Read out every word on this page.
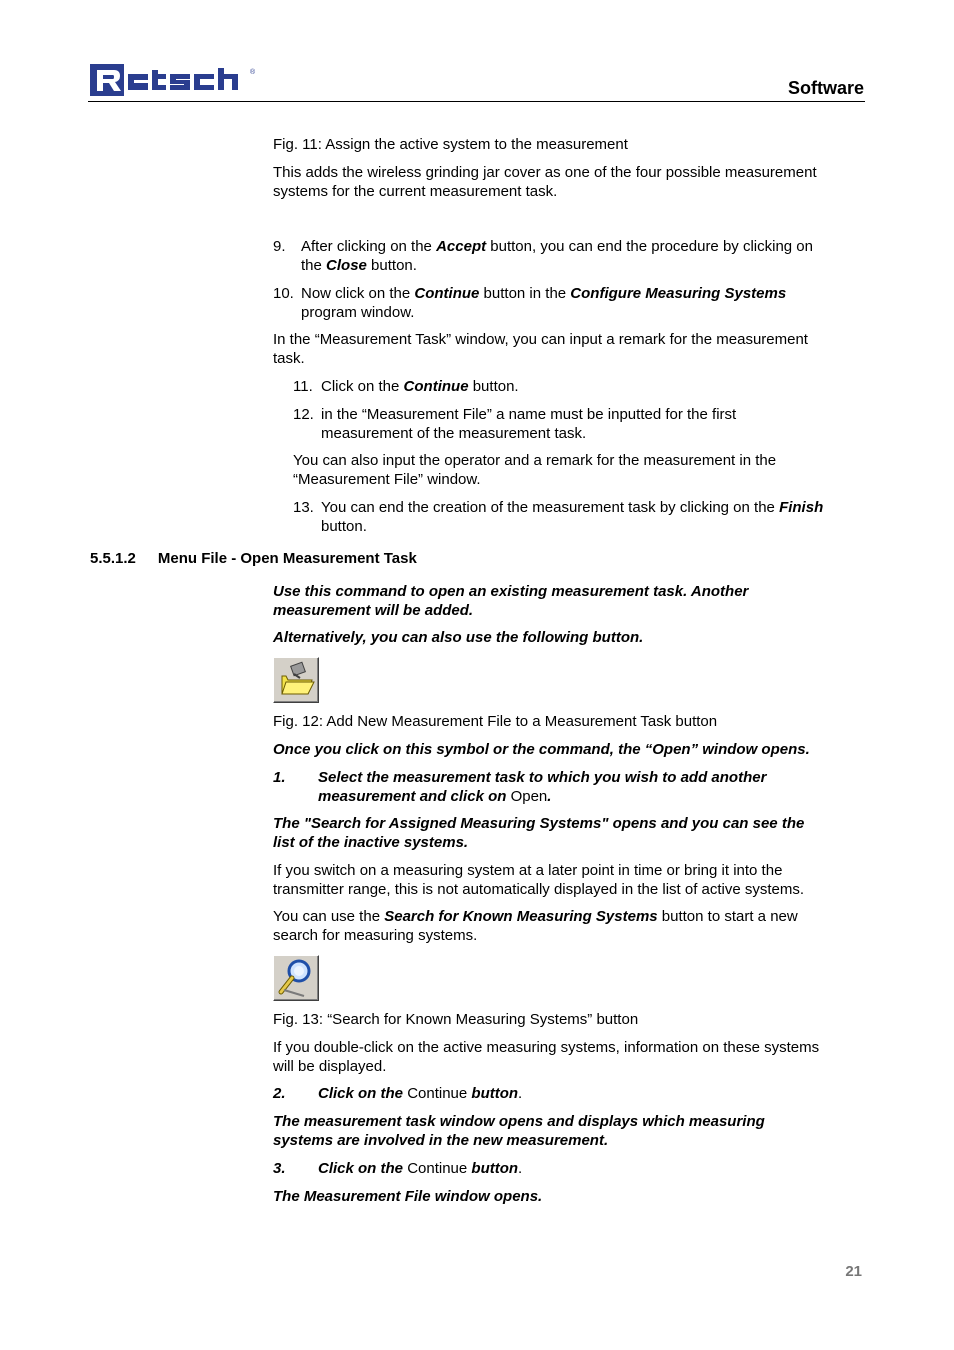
®
Software
Fig. 11: Assign the active system to the measurement
This adds the wireless grinding jar cover as one of the four possible measurement
systems for the current measurement task.
9. After clicking on the Accept button, you can end the procedure by clicking on
the Close button.
10. Now click on the Continue button in the Configure Measuring Systems
program window.
In the “Measurement Task” window, you can input a remark for the measurement
task.
11. Click on the Continue button.
12. in the “Measurement File” a name must be inputted for the first
measurement of the measurement task.
You can also input the operator and a remark for the measurement in the
“Measurement File” window.
13. You can end the creation of the measurement task by clicking on the Finish
button.
5.5.1.2 Menu File - Open Measurement Task
Use this command to open an existing measurement task. Another
measurement will be added.
Alternatively, you can also use the following button.
Fig. 12: Add New Measurement File to a Measurement Task button
Once you click on this symbol or the command, the “Open” window opens.
1. Select the measurement task to which you wish to add another
measurement and click on Open.
The "Search for Assigned Measuring Systems" opens and you can see the
list of the inactive systems.
If you switch on a measuring system at a later point in time or bring it into the
transmitter range, this is not automatically displayed in the list of active systems.
You can use the Search for Known Measuring Systems button to start a new
search for measuring systems.
Fig. 13: “Search for Known Measuring Systems” button
If you double-click on the active measuring systems, information on these systems
will be displayed.
2. Click on the Continue button.
The measurement task window opens and displays which measuring
systems are involved in the new measurement.
3. Click on the Continue button.
The Measurement File window opens.
21
